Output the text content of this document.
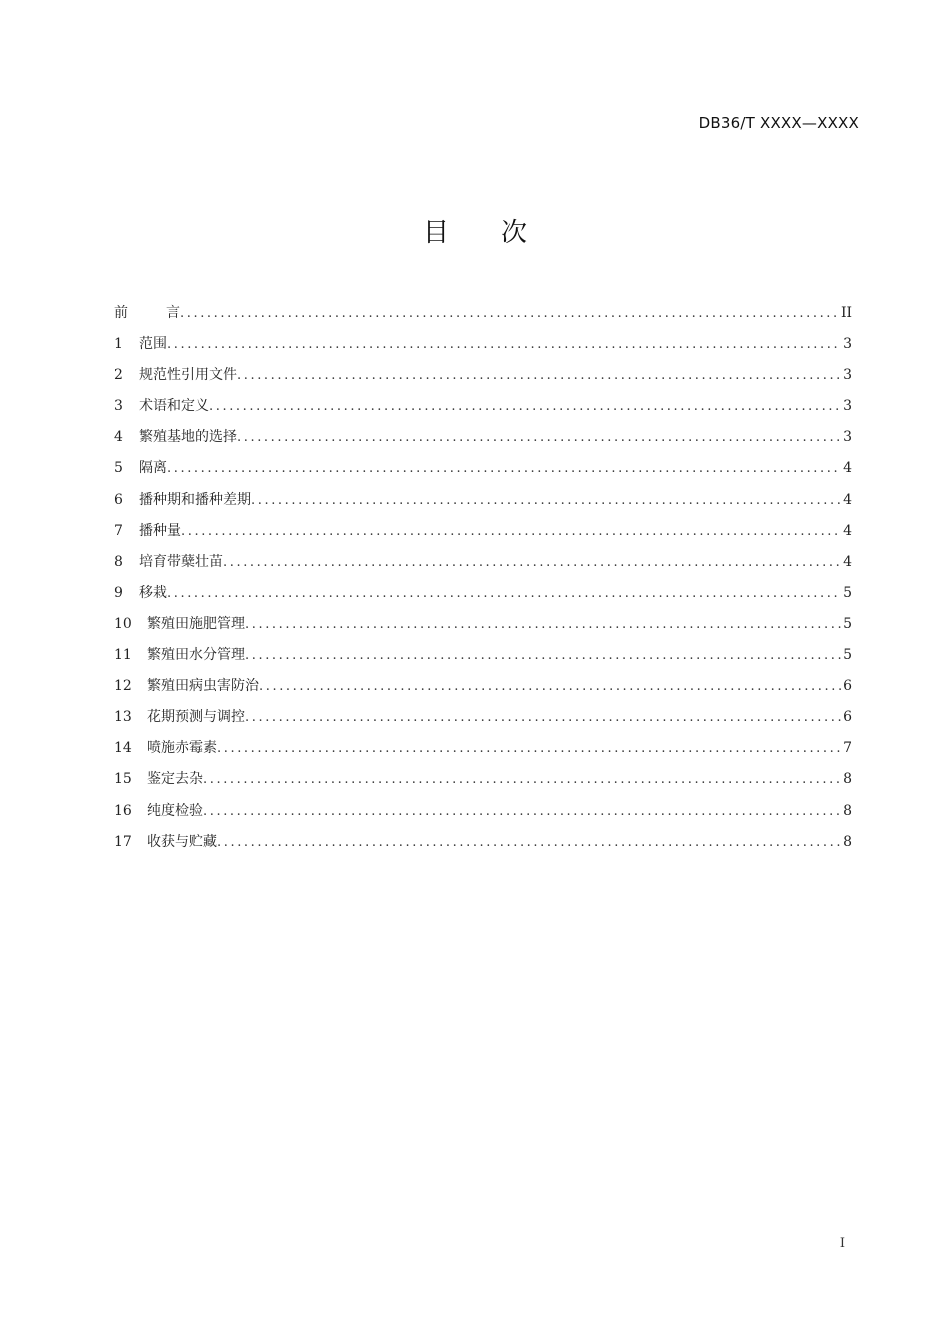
DB36/T XXXX—XXXX
目 次
前	言 .....	II
1	范围 .....	3
2	规范性引用文件 .....	3
3	术语和定义 .....	3
4	繁殖基地的选择 .....	3
5	隔离 .....	4
6	播种期和播种差期 .....	4
7	播种量 .....	4
8	培育带蘖壮苗 .....	4
9	移栽 .....	5
10	繁殖田施肥管理 .....	5
11	繁殖田水分管理 .....	5
12	繁殖田病虫害防治 .....	6
13	花期预测与调控 .....	6
14	喷施赤霉素 .....	7
15	鉴定去杂 .....	8
16	纯度检验 .....	8
17	收获与贮藏 .....	8
I
